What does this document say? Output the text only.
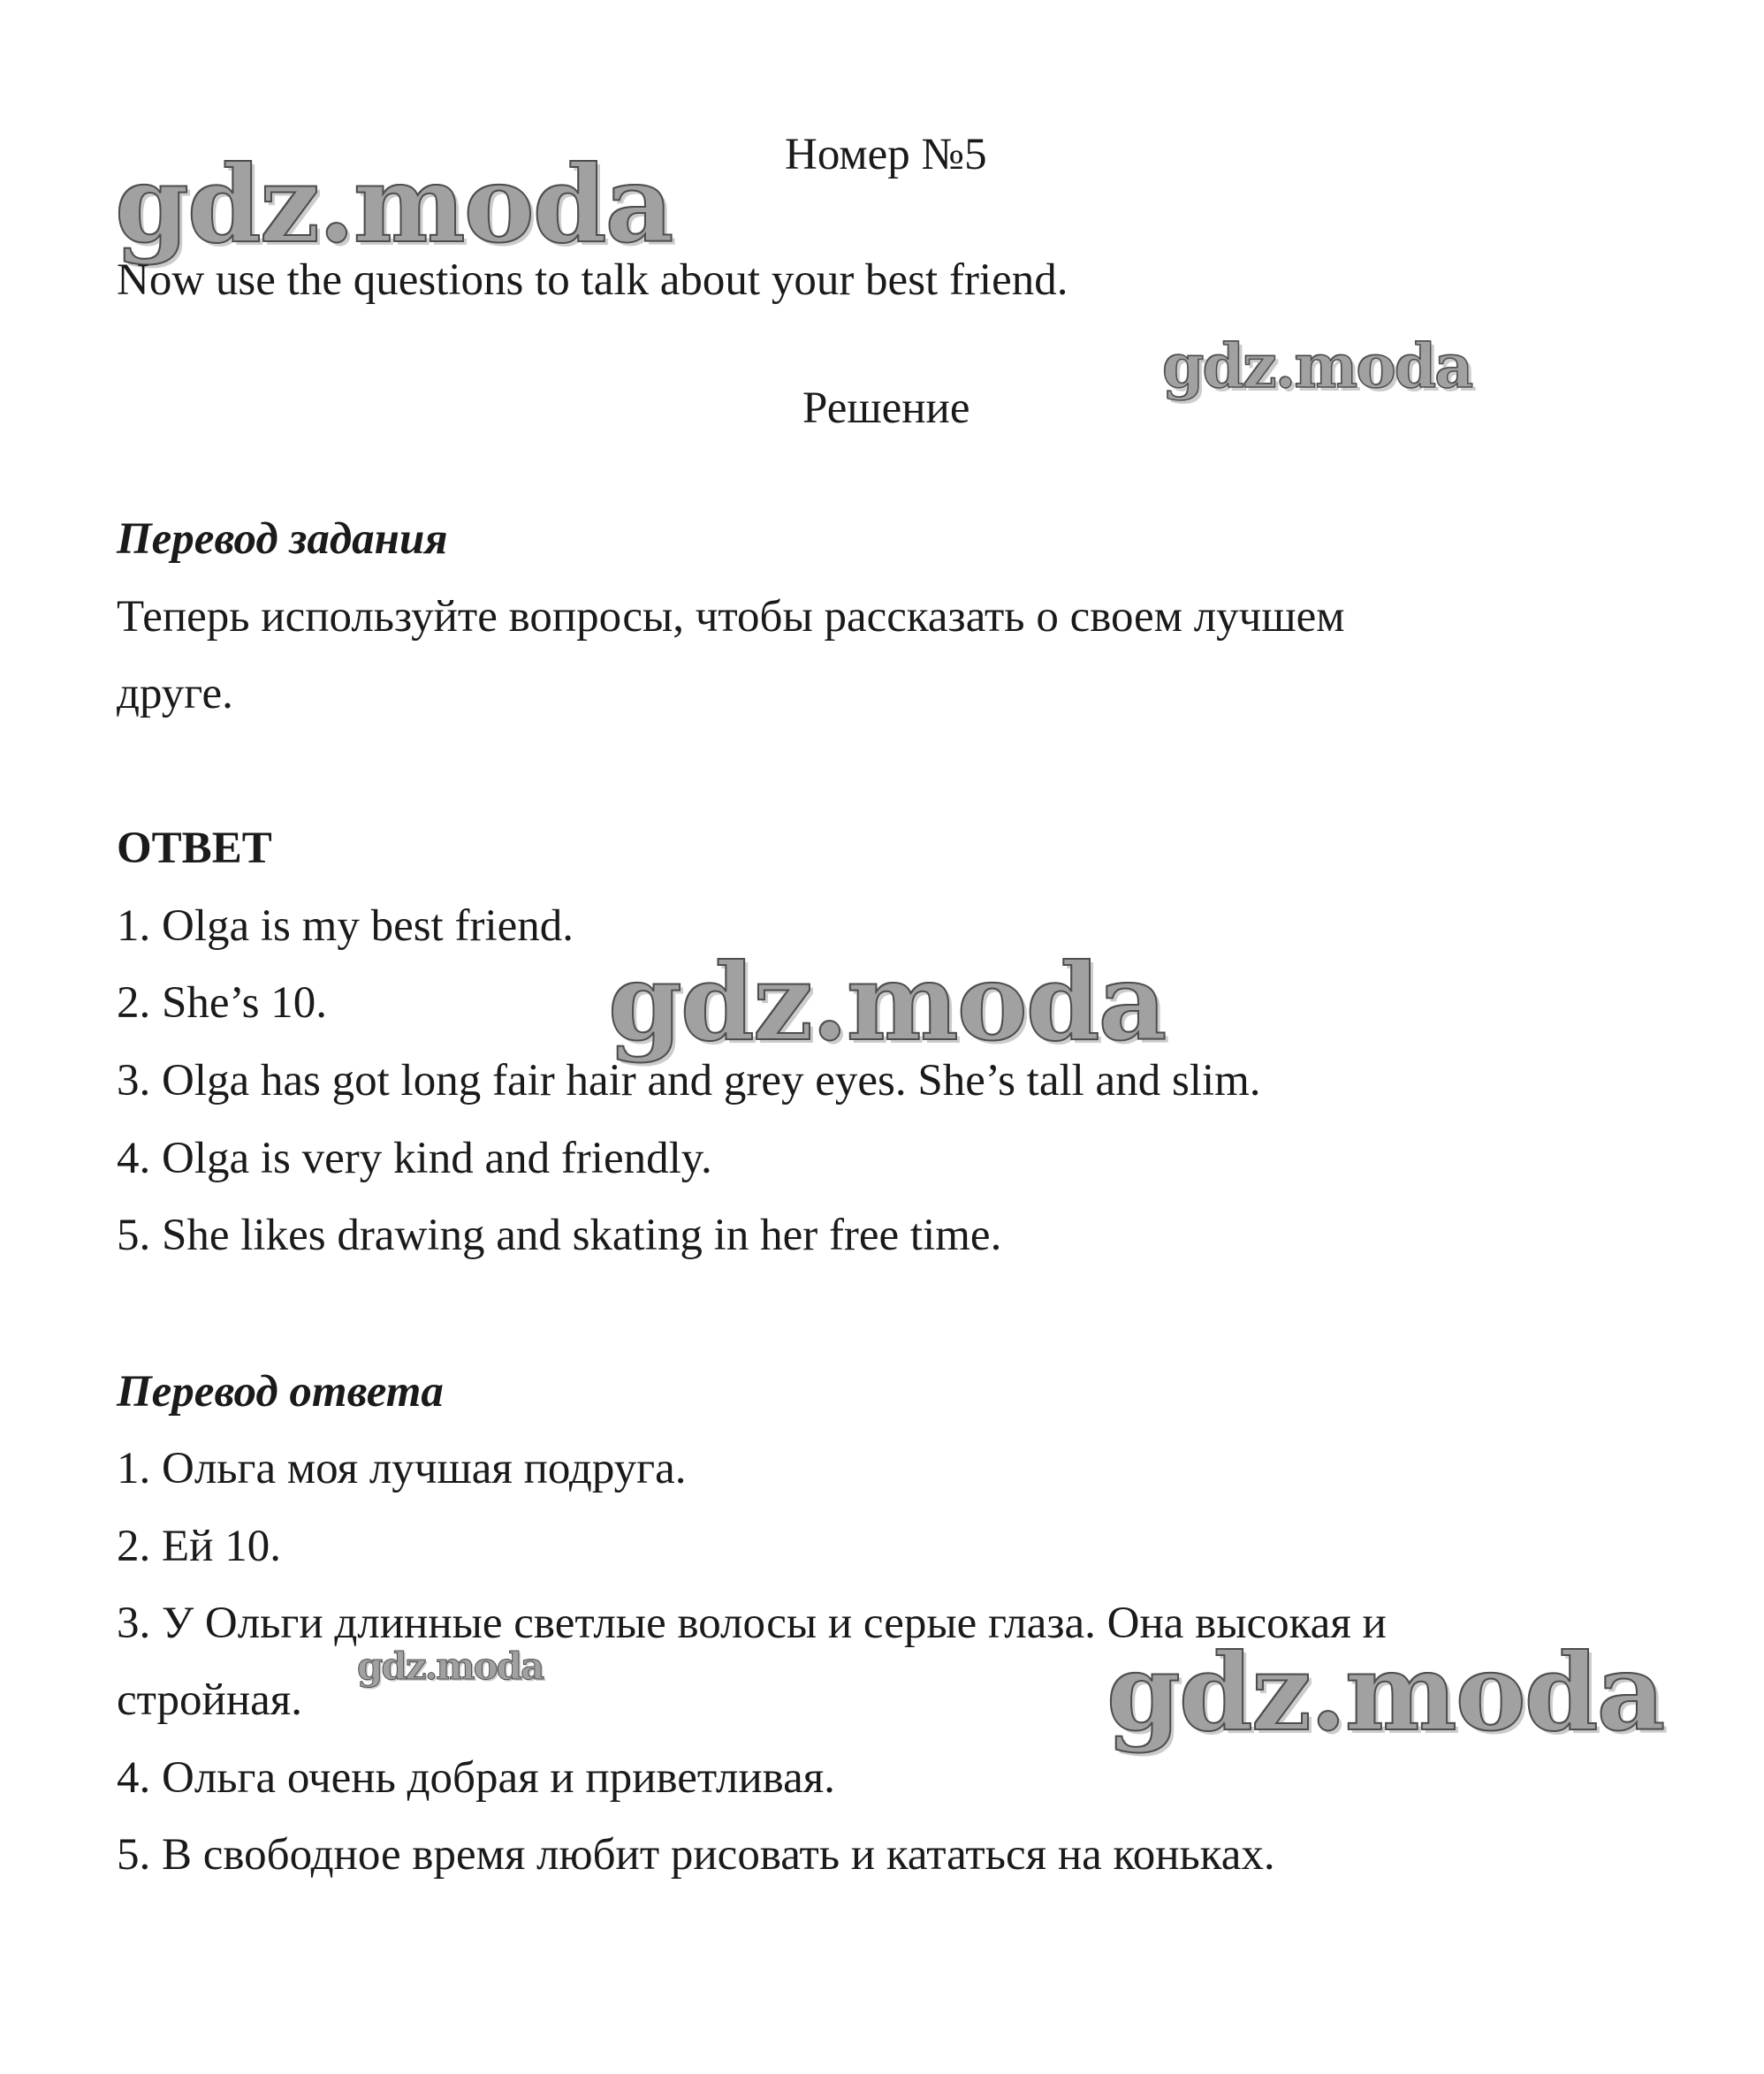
gdz.moda
gdz.moda
gdz.moda
gdz.moda	gdz.moda
Номер №5
Now use the questions to talk about your best friend.
Решение
Перевод задания
Теперь используйте вопросы, чтобы рассказать о своем лучшем
друге.
ОТВЕТ
1. Olga is my best friend.
2. She’s 10.
3. Olga has got long fair hair and grey eyes. She’s tall and slim.
4. Olga is very kind and friendly.
5. She likes drawing and skating in her free time.
Перевод ответа
1. Ольга моя лучшая подруга.
2. Ей 10.
3. У Ольги длинные светлые волосы и серые глаза. Она высокая и
стройная.
4. Ольга очень добрая и приветливая.
5. В свободное время любит рисовать и кататься на коньках.
